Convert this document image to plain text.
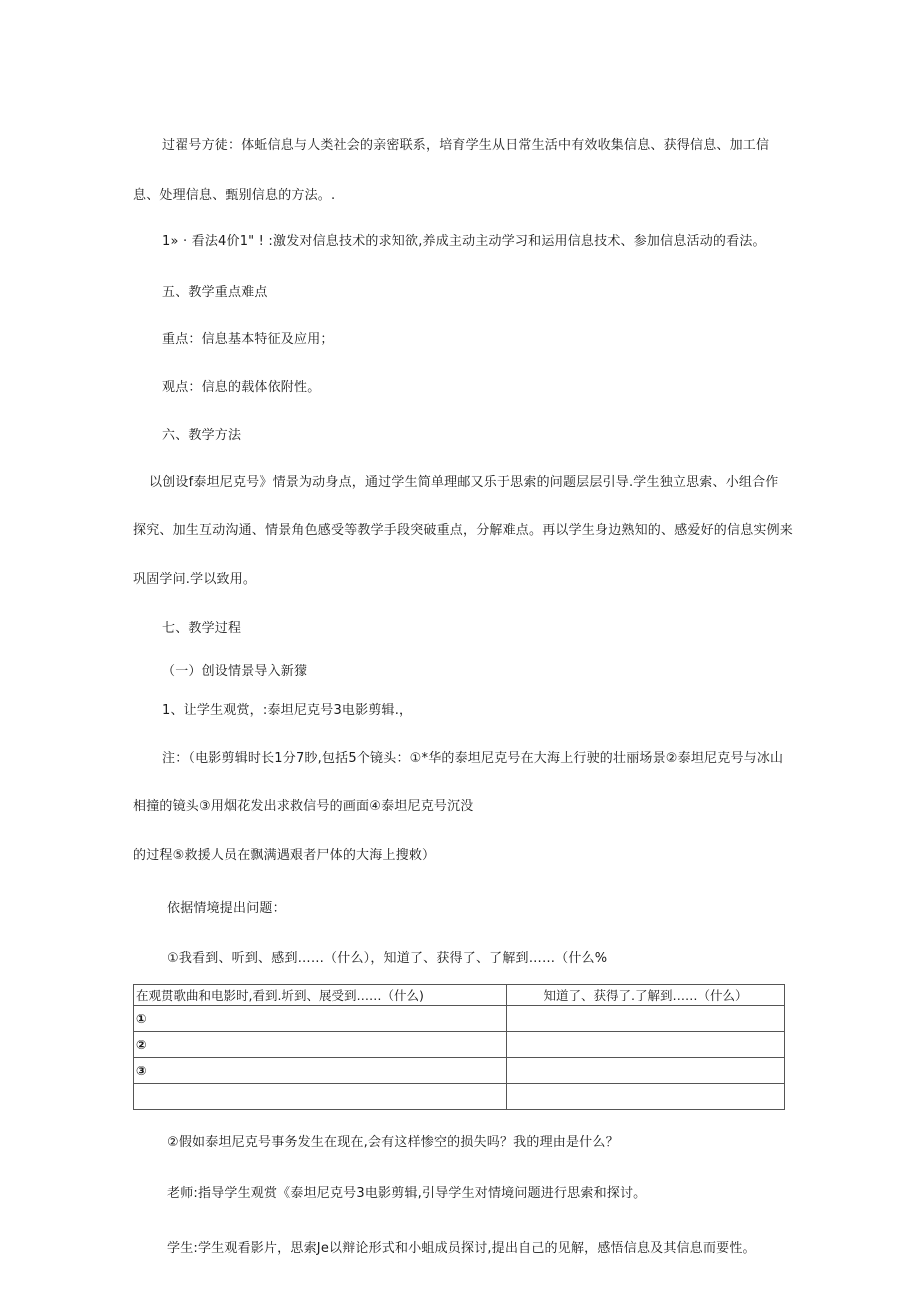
过翟号方徒：体蚯信息与人类社会的亲密联系，培育学生从日常生活中有效收集信息、获得信息、加工信
息、处理信息、甄别信息的方法。.
1» · 看法4价1" ! :激发对信息技术的求知欲,养成主动主动学习和运用信息技术、参加信息活动的看法。
五、教学重点难点
重点：信息基本特征及应用；
观点：信息的载体依附性。
六、教学方法
以创设f泰坦尼克号》情景为动身点，通过学生简单理邮又乐于思索的问题层层引导.学生独立思索、小组合作
探究、加生互动沟通、情景角色感受等教学手段突破重点，分解难点。再以学生身边熟知的、感爱好的信息实例来
巩固学问.学以致用。
七、教学过程
（一）创设情景导入新獴
1、让学生观赏，:泰坦尼克号3电影剪辑.，
注：（电影剪辑时长1分7眇,包括5个镜头：①*华的泰坦尼克号在大海上行驶的壮丽场景②泰坦尼克号与冰山
相撞的镜头③用烟花发出求救信号的画面④泰坦尼克号沉没
的过程⑤救援人员在飘满遇艰者尸体的大海上搜敕）
依据情境提出问题：
①我看到、听到、感到……（什么），知道了、获得了、了解到……（什么%
在观贯歌曲和电影时,看到.圻到、展受到……（什么)	知道了、获得了.了解到……（什么）
①	
②	
③	

②假如泰坦尼克号事务发生在现在,会有这样惨空的损失吗？我的理由是什么？
老师:指导学生观赏《泰坦尼克号3电影剪辑,引导学生对情境问题进行思索和探讨。
学生:学生观看影片，思索Je以辩论形式和小蛆成员探讨,提出自己的见解，感悟信息及其信息而要性。
